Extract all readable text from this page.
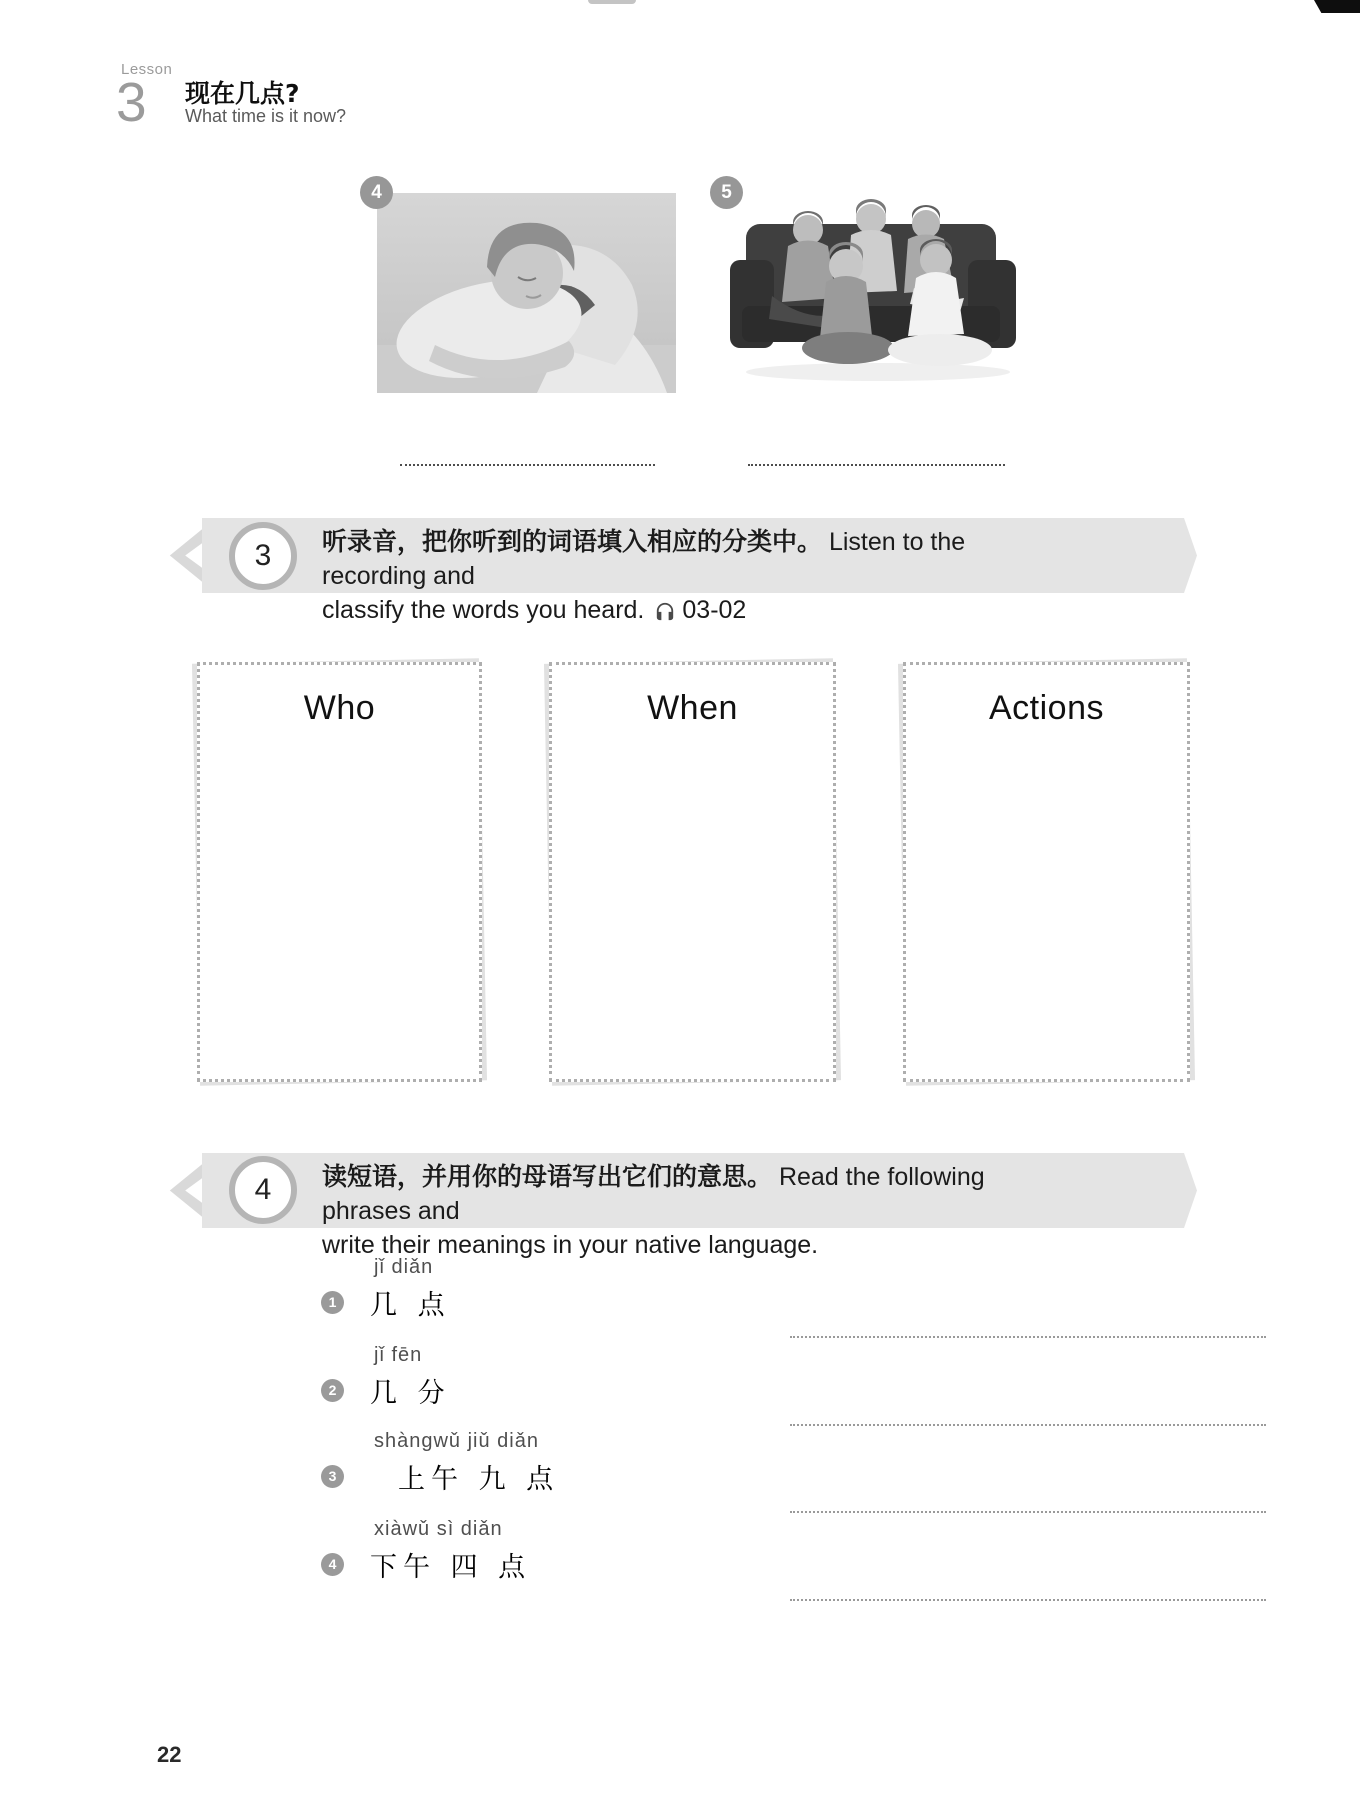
Lesson
3 现在几点?
What time is it now?
4	5
3	听录音，把你听到的词语填入相应的分类中。 Listen to the recording and
classify the words you heard. 03-02
Who	When	Actions
4	读短语，并用你的母语写出它们的意思。 Read the following phrases and
write their meanings in your native language.
jǐ diǎn
1 几 点
jǐ fēn
2 几 分
shàngwǔ jiǔ diǎn
3 上午 九 点
xiàwǔ sì diǎn
4 下午 四 点
22
